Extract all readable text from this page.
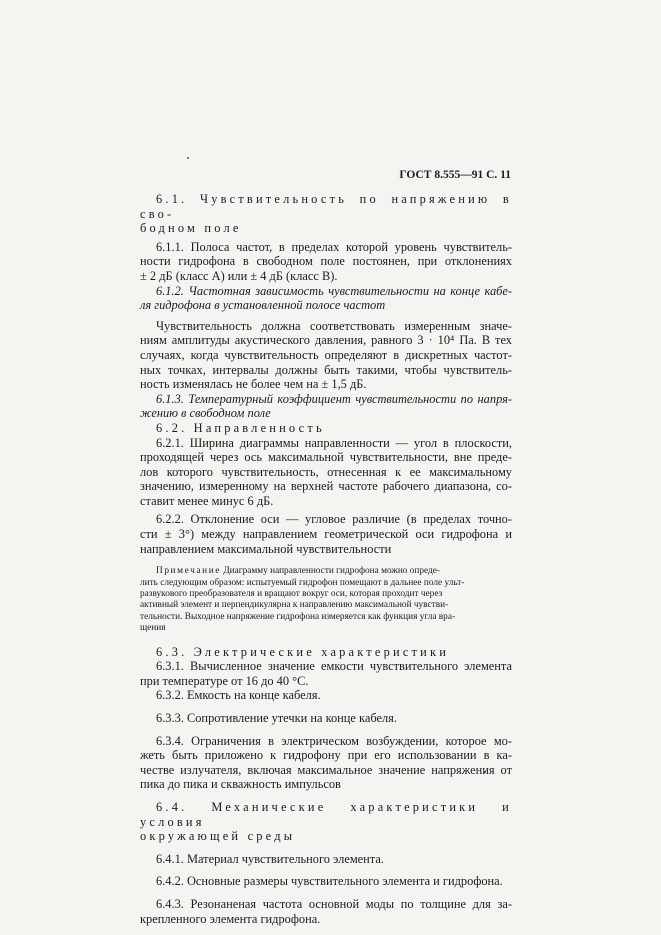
ГОСТ 8.555—91 С. 11

6.1. Чувствительность по напряжению в сво-

бодном поле

6.1.1. Полоса частот, в пределах которой уровень чувствитель-

ности гидрофона в свободном поле постоянен, при отклонениях

± 2 дБ (класс А) или ± 4 дБ (класс В).

6.1.2. Частотная зависимость чувствительности на конце кабе-

ля гидрофона в установленной полосе частот

Чувствительность должна соответствовать измеренным значе-

ниям амплитуды акустического давления, равного 3 · 10⁴ Па. В тех

случаях, когда чувствительность определяют в дискретных частот-

ных точках, интервалы должны быть такими, чтобы чувствитель-

ность изменялась не более чем на ± 1,5 дБ.

6.1.3. Температурный коэффициент чувствительности по напря-

жению в свободном поле

6.2. Направленность

6.2.1. Ширина диаграммы направленности — угол в плоскости,

проходящей через ось максимальной чувствительности, вне преде-

лов которого чувствительность, отнесенная к ее максимальному

значению, измеренному на верхней частоте рабочего диапазона, со-

ставит менее минус 6 дБ.

6.2.2. Отклонение оси — угловое различие (в пределах точно-

сти ± 3°) между направлением геометрической оси гидрофона и

направлением максимальной чувствительности

Примечание Диаграмму направленности гидрофона можно опреде-

лить следующим образом: испытуемый гидрофон помещают в дальнее поле ульт-

развукового преобразователя и вращают вокруг оси, которая проходит через

активный элемент и перпендикулярна к направлению максимальной чувстви-

тельности. Выходное напряжение гидрофона измеряется как функция угла вра-

щения

6.3. Электрические характеристики

6.3.1. Вычисленное значение емкости чувствительного элемента

при температуре от 16 до 40 °С.

6.3.2. Емкость на конце кабеля.

6.3.3. Сопротивление утечки на конце кабеля.

6.3.4. Ограничения в электрическом возбуждении, которое мо-

жеть быть приложено к гидрофону при его использовании в ка-

честве излучателя, включая максимальное значение напряжения от

пика до пика и скважность импульсов

6.4. Механические характеристики и условия

окружающей среды

6.4.1. Материал чувствительного элемента.

6.4.2. Основные размеры чувствительного элемента и гидрофона.

6.4.3. Резонаненая частота основной моды по толщине для за-

крепленного элемента гидрофона.
